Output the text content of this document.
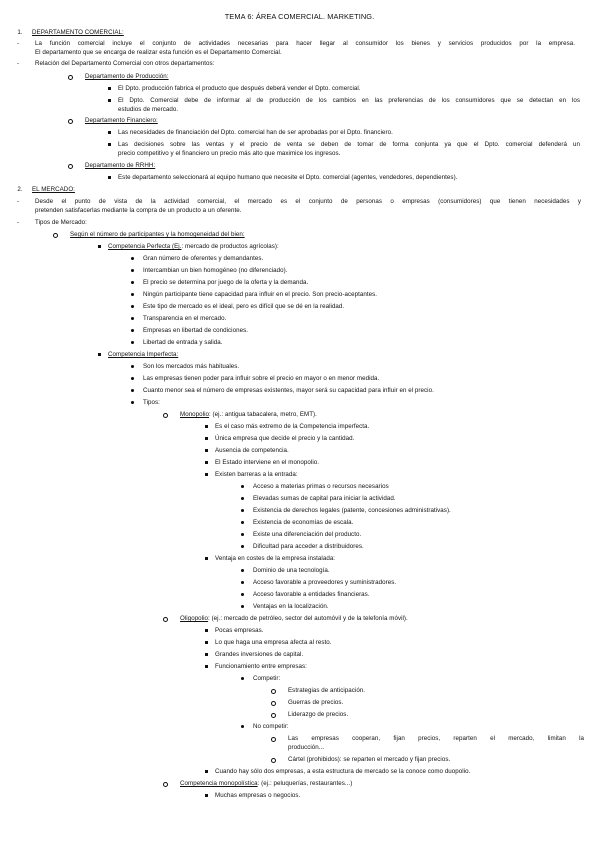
TEMA 6: ÁREA COMERCIAL. MARKETING.
1. DEPARTAMENTO COMERCIAL:
-	La función comercial incluye el conjunto de actividades necesarias para hacer llegar al consumidor los bienes y servicios producidos por la empresa.
El departamento que se encarga de realizar esta función es el Departamento Comercial.
-	Relación del Departamento Comercial con otros departamentos:
Departamento de Producción:
El Dpto. producción fabrica el producto que después deberá vender el Dpto. comercial.
El Dpto. Comercial debe de informar al de producción de los cambios en las preferencias de los consumidores que se detectan en los
estudios de mercado.
Departamento Financiero:
Las necesidades de financiación del Dpto. comercial han de ser aprobadas por el Dpto. financiero.
Las decisiones sobre las ventas y el precio de venta se deben de tomar de forma conjunta ya que el Dpto. comercial defenderá un
precio competitivo y el financiero un precio más alto que maximice los ingresos.
Departamento de RRHH:
Este departamento seleccionará al equipo humano que necesite el Dpto. comercial (agentes, vendedores, dependientes).
2. EL MERCADO:
-	Desde el punto de vista de la actividad comercial, el mercado es el conjunto de personas o empresas (consumidores) que tienen necesidades y
pretenden satisfacerlas mediante la compra de un producto a un oferente.
-	Tipos de Mercado:
Según el número de participantes y la homogeneidad del bien:
Competencia Perfecta (Ej.: mercado de productos agrícolas):
Gran número de oferentes y demandantes.
Intercambian un bien homogéneo (no diferenciado).
El precio se determina por juego de la oferta y la demanda.
Ningún participante tiene capacidad para influir en el precio. Son precio-aceptantes.
Este tipo de mercado es el ideal, pero es difícil que se dé en la realidad.
Transparencia en el mercado.
Empresas en libertad de condiciones.
Libertad de entrada y salida.
Competencia Imperfecta:
Son los mercados más habituales.
Las empresas tienen poder para influir sobre el precio en mayor o en menor medida.
Cuanto menor sea el número de empresas existentes, mayor será su capacidad para influir en el precio.
Tipos:
Monopolio: (ej.: antigua tabacalera, metro, EMT).
Es el caso más extremo de la Competencia imperfecta.
Única empresa que decide el precio y la cantidad.
Ausencia de competencia.
El Estado interviene en el monopolio.
Existen barreras a la entrada:
Acceso a materias primas o recursos necesarios
Elevadas sumas de capital para iniciar la actividad.
Existencia de derechos legales (patente, concesiones administrativas).
Existencia de economías de escala.
Existe una diferenciación del producto.
Dificultad para acceder a distribuidores.
Ventaja en costes de la empresa instalada:
Dominio de una tecnología.
Acceso favorable a proveedores y suministradores.
Acceso favorable a entidades financieras.
Ventajas en la localización.
Oligopolio: (ej.: mercado de petróleo, sector del automóvil y de la telefonía móvil).
Pocas empresas.
Lo que haga una empresa afecta al resto.
Grandes inversiones de capital.
Funcionamiento entre empresas:
Competir:
Estrategias de anticipación.
Guerras de precios.
Liderazgo de precios.
No competir:
Las empresas cooperan, fijan precios, reparten el mercado, limitan la
producción...
Cártel (prohibidos): se reparten el mercado y fijan precios.
Cuando hay sólo dos empresas, a esta estructura de mercado se la conoce como duopolio.
Competencia monopolística: (ej.: peluquerías, restaurantes...)
Muchas empresas o negocios.
